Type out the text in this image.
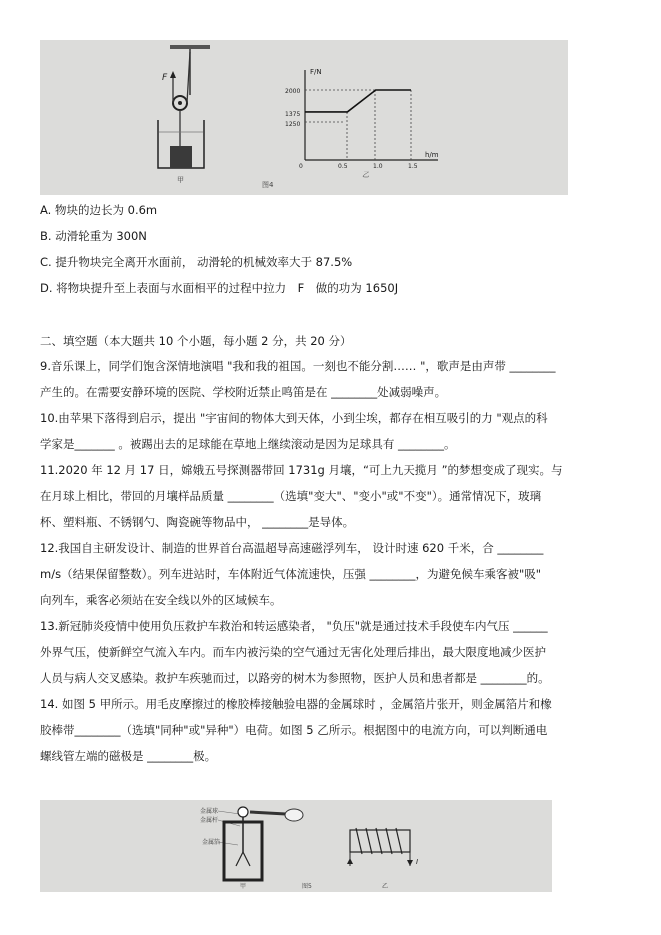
F
甲
图4
F/N
h/m
2000
1375
1250
0	0.5	1.0	1.5
乙
A. 物块的边长为 0.6m
B. 动滑轮重为 300N
C. 提升物块完全离开水面前， 动滑轮的机械效率大于 87.5%
D. 将物块提升至上表面与水面相平的过程中拉力　F　做的功为 1650J
二、填空题（本大题共 10 个小题，每小题 2 分，共 20 分）
9.音乐课上，同学们饱含深情地演唱 "我和我的祖国。一刻也不能分割…… "，歌声是由声带 ________
产生的。在需要安静环境的医院、学校附近禁止鸣笛是在 ________处减弱噪声。
10.由苹果下落得到启示，提出 "宇宙间的物体大到天体，小到尘埃，都存在相互吸引的力 "观点的科
学家是_______ 。被踢出去的足球能在草地上继续滚动是因为足球具有 ________。
11.2020 年 12 月 17 日，嫦娥五号探测器带回 1731g 月壤，“可上九天揽月 ”的梦想变成了现实。与
在月球上相比，带回的月壤样品质量 ________（选填"变大"、"变小"或"不变"）。通常情况下，玻璃
杯、塑料瓶、不锈钢勺、陶瓷碗等物品中， ________是导体。
12.我国自主研发设计、制造的世界首台高温超导高速磁浮列车， 设计时速 620 千米，合 ________
m/s（结果保留整数）。列车进站时，车体附近气体流速快，压强 ________，为避免候车乘客被"吸"
向列车，乘客必须站在安全线以外的区域候车。
13.新冠肺炎疫情中使用负压救护车救治和转运感染者， "负压"就是通过技术手段使车内气压 ______
外界气压，使新鲜空气流入车内。而车内被污染的空气通过无害化处理后排出，最大限度地减少医护
人员与病人交叉感染。救护车疾驰而过，以路旁的树木为参照物，医护人员和患者都是 ________的。
14. 如图 5 甲所示。用毛皮摩擦过的橡胶棒接触验电器的金属球时 ，金属箔片张开，则金属箔片和橡
胶棒带________（选填"同种"或"异种"）电荷。如图 5 乙所示。根据图中的电流方向，可以判断通电
螺线管左端的磁极是 ________极。
金属球
金属杆
金属箔
甲	图5
I
乙
